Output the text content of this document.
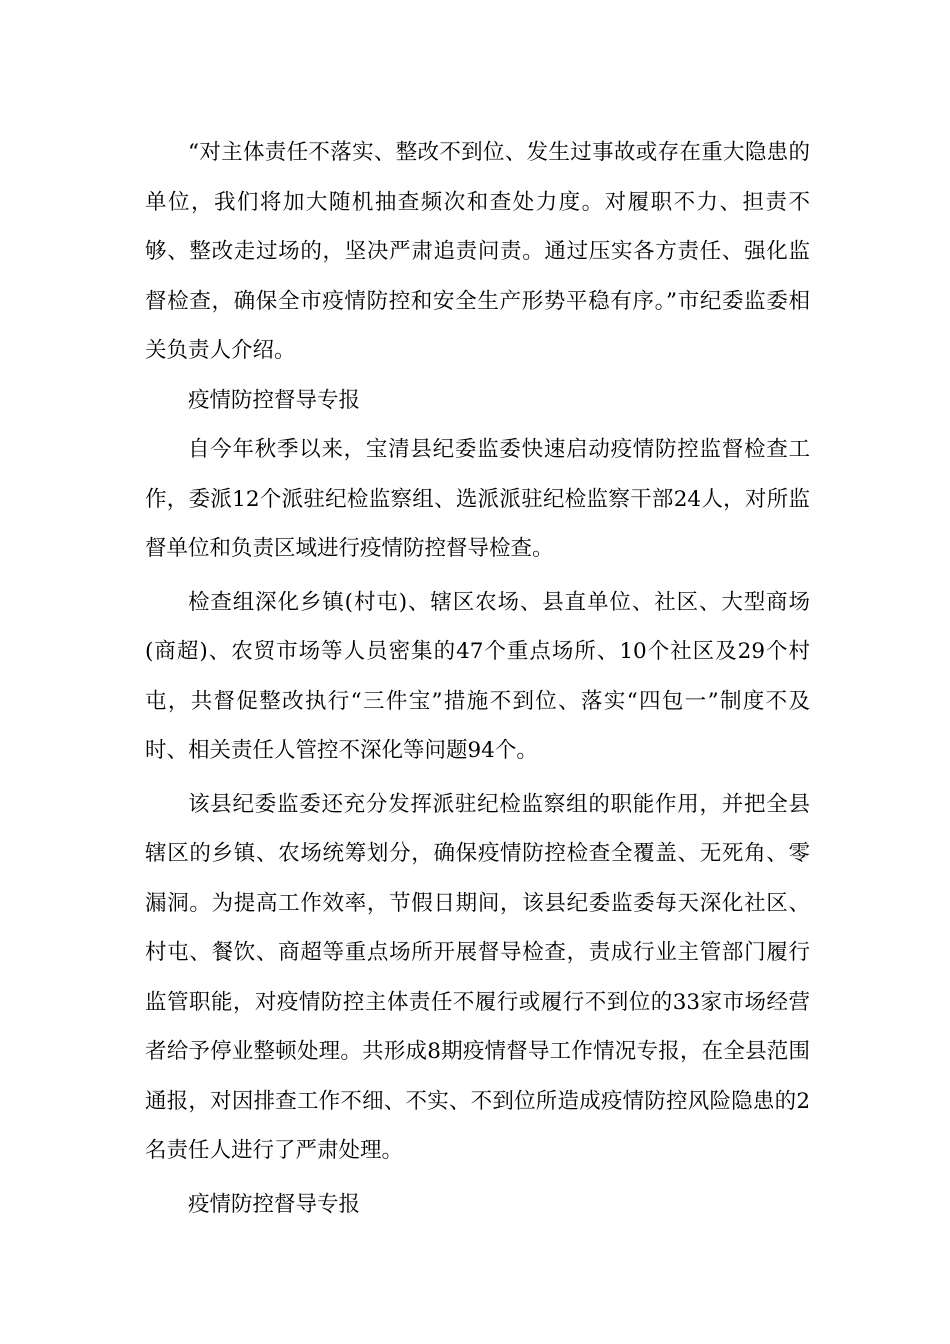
“对主体责任不落实、整改不到位、发生过事故或存在重大隐患的单位，我们将加大随机抽查频次和查处力度。对履职不力、担责不够、整改走过场的，坚决严肃追责问责。通过压实各方责任、强化监督检查，确保全市疫情防控和安全生产形势平稳有序。”市纪委监委相关负责人介绍。

疫情防控督导专报

自今年秋季以来，宝清县纪委监委快速启动疫情防控监督检查工作，委派12个派驻纪检监察组、选派派驻纪检监察干部24人，对所监督单位和负责区域进行疫情防控督导检查。

检查组深化乡镇(村屯)、辖区农场、县直单位、社区、大型商场(商超)、农贸市场等人员密集的47个重点场所、10个社区及29个村屯，共督促整改执行“三件宝”措施不到位、落实“四包一”制度不及时、相关责任人管控不深化等问题94个。

该县纪委监委还充分发挥派驻纪检监察组的职能作用，并把全县辖区的乡镇、农场统筹划分，确保疫情防控检查全覆盖、无死角、零漏洞。为提高工作效率，节假日期间，该县纪委监委每天深化社区、村屯、餐饮、商超等重点场所开展督导检查，责成行业主管部门履行监管职能，对疫情防控主体责任不履行或履行不到位的33家市场经营者给予停业整顿处理。共形成8期疫情督导工作情况专报，在全县范围通报，对因排查工作不细、不实、不到位所造成疫情防控风险隐患的2名责任人进行了严肃处理。

疫情防控督导专报
